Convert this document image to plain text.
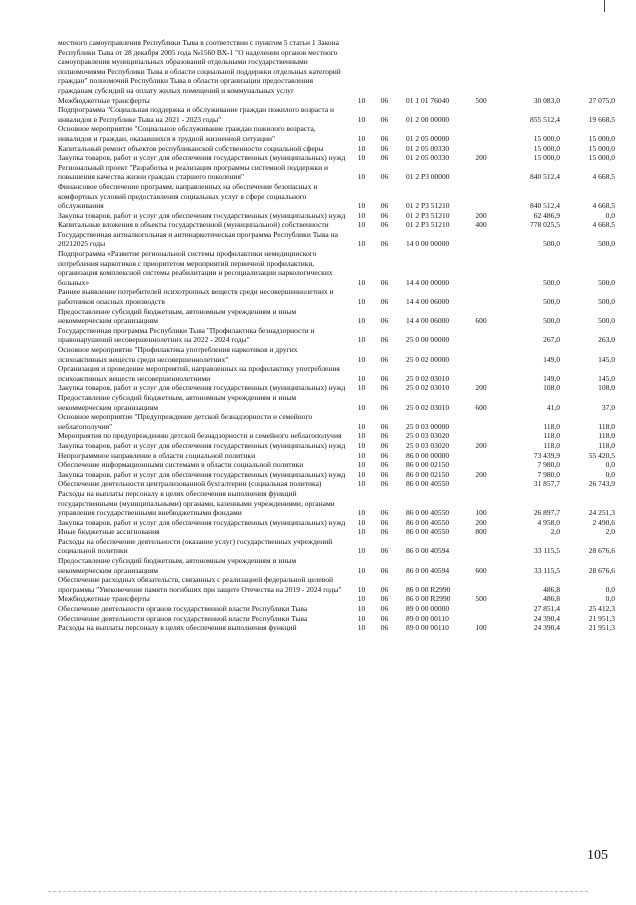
местного самоуправления Республики Тыва в соответствии с пунктом 5 статьи 1 Закона Республики Тыва от 28 декабря 2005 года №1560 ВХ-1 "О наделении органов местного самоуправления муниципальных образований отдельными государственными полномочиями Республики Тыва в области социальной поддержки отдельных категорий граждан" полномочий Республики Тыва в области организации предоставления гражданам субсидий на оплату жилых помещений и коммунальных услуг						
Межбюджетные трансферты	10	06	01 1 01 76040	500	30 083,0	27 075,0
Подпрограмма "Социальная поддержка и обслуживание граждан пожилого возраста и инвалидов в Республике Тыва на 2021 - 2023 годы"	10	06	01 2 00 00000		855 512,4	19 668,5
Основное мероприятие "Социальное обслуживание граждан пожилого возраста, инвалидов и граждан, оказавшихся в трудной жизненной ситуации"	10	06	01 2 05 00000		15 000,0	15 000,0
Капитальный ремонт объектов республиканской собственности социальной сферы	10	06	01 2 05 00330		15 000,0	15 000,0
Закупка товаров, работ и услуг для обеспечения государственных (муниципальных) нужд	10	06	01 2 05 00330	200	15 000,0	15 000,0
Региональный проект "Разработка и реализация программы системной поддержки и повышения качества жизни граждан старшего поколения"	10	06	01 2 Р3 00000		840 512,4	4 668,5
Финансовое обеспечение программ, направленных на обеспечение безопасных и комфортных условий предоставления социальных услуг в сфере социального обслуживания	10	06	01 2 Р3 51210		840 512,4	4 668,5
Закупка товаров, работ и услуг для обеспечения государственных (муниципальных) нужд	10	06	01 2 Р3 51210	200	62 486,9	0,0
Капитальные вложения в объекты государственной (муниципальной) собственности	10	06	01 2 Р3 51210	400	778 025,5	4 668,5
Государственная антиалкогольная и антинаркотическая программа Республики Тыва на 20212025 годы	10	06	14 0 00 00000		500,0	500,0
Подпрограмма «Развитие региональной системы профилактики немедицинского потребления наркотиков с приоритетом мероприятий первичной профилактики, организация комплексной системы реабилитации и ресоциализации наркологических больных»	10	06	14 4 00 00000		500,0	500,0
Раннее выявление потребителей психотропных веществ среди несовершеннолетних и работников опасных производств	10	06	14 4 00 06000		500,0	500,0
Предоставление субсидий бюджетным, автономным учреждениям и иным некоммерческим организациям	10	06	14 4 00 06000	600	500,0	500,0
Государственная программа Республики Тыва "Профилактика безнадзорности и правонарушений несовершеннолетних на 2022 - 2024 годы"	10	06	25 0 00 00000		267,0	263,0
Основное мероприятие "Профилактика употребления наркотиков и других психоактивных веществ среди несовершеннолетних"	10	06	25 0 02 00000		149,0	145,0
Организация и проведение мероприятий, направленных на профилактику употребления психоактивных веществ несовершеннолетними	10	06	25 0 02 03010		149,0	145,0
Закупка товаров, работ и услуг для обеспечения государственных (муниципальных) нужд	10	06	25 0 02 03010	200	108,0	108,0
Предоставление субсидий бюджетным, автономным учреждениям и иным некоммерческим организациям	10	06	25 0 02 03010	600	41,0	37,0
Основное мероприятие "Предупреждение детской безнадзорности и семейного неблагополучия"	10	06	25 0 03 00000		118,0	118,0
Мероприятия по предупреждению детской безнадзорности и семейного неблагополучия	10	06	25 0 03 03020		118,0	118,0
Закупка товаров, работ и услуг для обеспечения государственных (муниципальных) нужд	10	06	25 0 03 03020	200	118,0	118,0
Непрограммное направление в области социальной политики	10	06	86 0 00 00000		73 439,9	55 420,5
Обеспечение информационными системами в области социальной политики	10	06	86 0 00 02150		7 980,0	0,0
Закупка товаров, работ и услуг для обеспечения государственных (муниципальных) нужд	10	06	86 0 00 02150	200	7 980,0	0,0
Обеспечение деятельности централизованной бухгалтерии (социальная политика)	10	06	86 0 00 40550		31 857,7	26 743,9
Расходы на выплаты персоналу в целях обеспечения выполнения функций государственными (муниципальными) органами, казенными учреждениями, органами управления государственными внебюджетными фондами	10	06	86 0 00 40550	100	26 897,7	24 251,3
Закупка товаров, работ и услуг для обеспечения государственных (муниципальных) нужд	10	06	86 0 00 40550	200	4 958,0	2 490,6
Иные бюджетные ассигнования	10	06	86 0 00 40550	800	2,0	2,0
Расходы на обеспечение деятельности (оказание услуг) государственных учреждений социальной политики	10	06	86 0 00 40594		33 115,5	28 676,6
Предоставление субсидий бюджетным, автономным учреждениям и иным некоммерческим организациям	10	06	86 0 00 40594	600	33 115,5	28 676,6
Обеспечение расходных обязательств, связанных с реализацией федеральной целевой программы "Увековечение памяти погибших при защите Отечества на 2019 - 2024 годы"	10	06	86 0 00 R2990		486,8	0,0
Межбюджетные трансферты	10	06	86 0 00 R2990	500	486,8	0,0
Обеспечение деятельности органов государственной власти Республики Тыва	10	06	89 0 00 00000		27 851,4	25 412,3
Обеспечение деятельности органов государственной власти Республики Тыва	10	06	89 0 00 00110		24 390,4	21 951,3
Расходы на выплаты персоналу в целях обеспечения выполнения функций	10	06	89 0 00 00110	100	24 390,4	21 951,3
105
